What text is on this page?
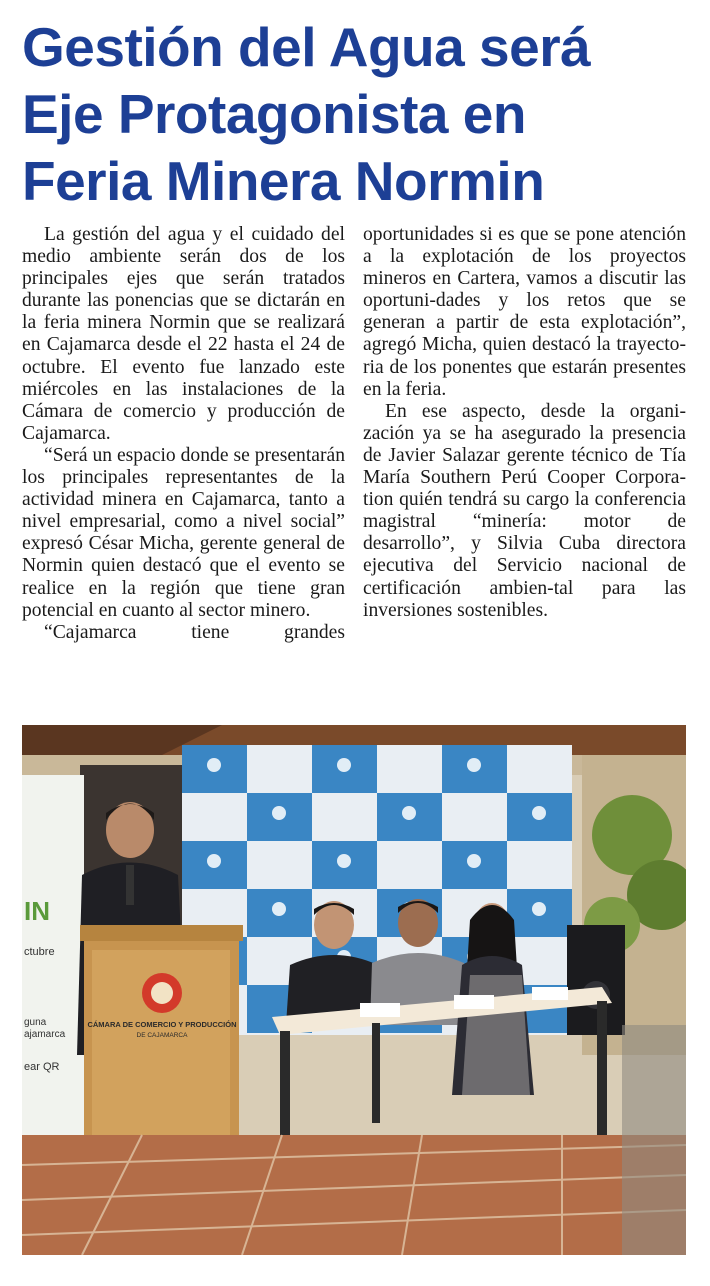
Gestión del Agua será
Eje Protagonista en
Feria Minera Normin

La gestión del agua y el cuidado del medio ambiente serán dos de los principales ejes que serán tratados durante las ponencias que se dictarán en la feria minera Normin que se realizará en Cajamarca desde el 22 hasta el 24 de octubre. El evento fue lanzado este miércoles en las instalaciones de la Cámara de comercio y producción de Cajamarca.

“Será un espacio donde se presentarán los principales representantes de la actividad minera en Cajamarca, tanto a nivel empresarial, como a nivel social” expresó César Micha, gerente general de Normin quien destacó que el evento se realice en la región que tiene gran potencial en cuanto al sector minero.

“Cajamarca tiene grandes

oportunidades si es que se pone atención a la explotación de los proyectos mineros en Cartera, vamos a discutir las oportuni-dades y los retos que se generan a partir de esta explotación”, agregó Micha, quien destacó la trayecto-ria de los ponentes que estarán presentes en la feria.

En ese aspecto, desde la organi-zación ya se ha asegurado la presencia de Javier Salazar gerente técnico de Tía María Southern Perú Cooper Corpora-tion quién tendrá su cargo la conferencia magistral “minería: motor de desarrollo”, y Silvia Cuba directora ejecutiva del Servicio nacional de certificación ambien-tal para las inversiones sostenibles.

IN
ctubre
guna
ajamarca
ear QR
CÁMARA DE COMERCIO Y PRODUCCIÓN
DE CAJAMARCA
